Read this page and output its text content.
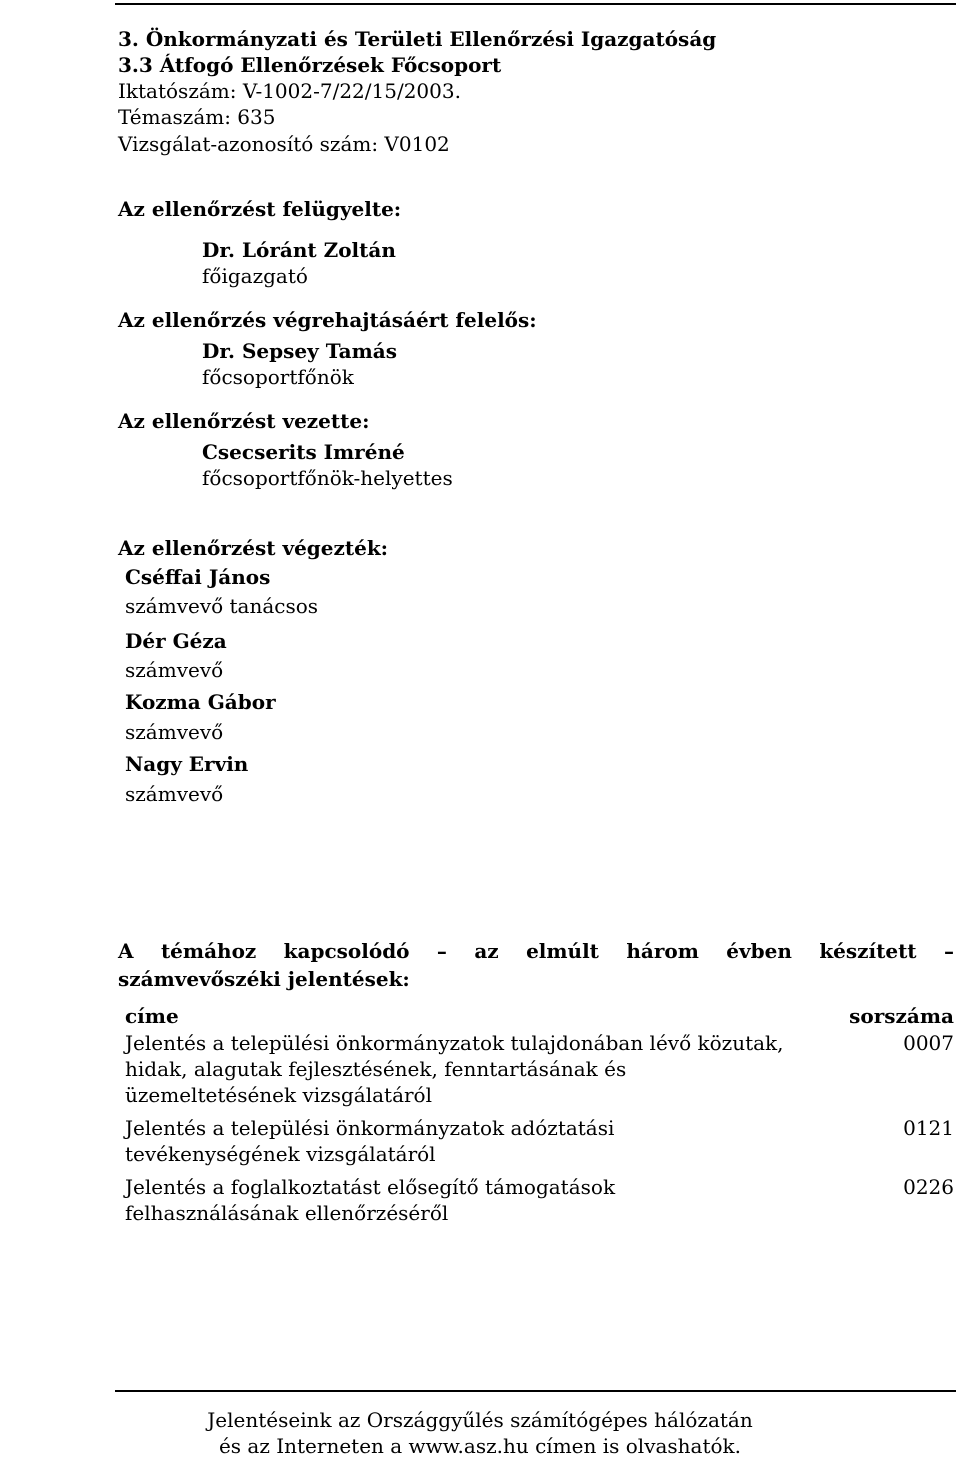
3. Önkormányzati és Területi Ellenőrzési Igazgatóság
3.3 Átfogó Ellenőrzések Főcsoport
Iktatószám: V-1002-7/22/15/2003.
Témaszám: 635
Vizsgálat-azonosító szám: V0102
Az ellenőrzést felügyelte:
Dr. Lóránt Zoltán
főigazgató
Az ellenőrzés végrehajtásáért felelős:
Dr. Sepsey Tamás
főcsoportfőnök
Az ellenőrzést vezette:
Csecserits Imréné
főcsoportfőnök-helyettes
Az ellenőrzést végezték:
Cséffai János
számvevő tanácsos
Dér Géza
számvevő
Kozma Gábor
számvevő
Nagy Ervin
számvevő
A témához kapcsolódó – az elmúlt három évben készített –
számvevőszéki jelentések:
címe	sorszáma
Jelentés a települési önkormányzatok tulajdonában lévő közutak, hidak, alagutak fejlesztésének, fenntartásának és üzemeltetésének vizsgálatáról
0007
Jelentés a települési önkormányzatok adóztatási tevékenységének vizsgálatáról
0121
Jelentés a foglalkoztatást elősegítő támogatások felhasználásának ellenőrzéséről
0226
Jelentéseink az Országgyűlés számítógépes hálózatán
és az Interneten a www.asz.hu címen is olvashatók.
